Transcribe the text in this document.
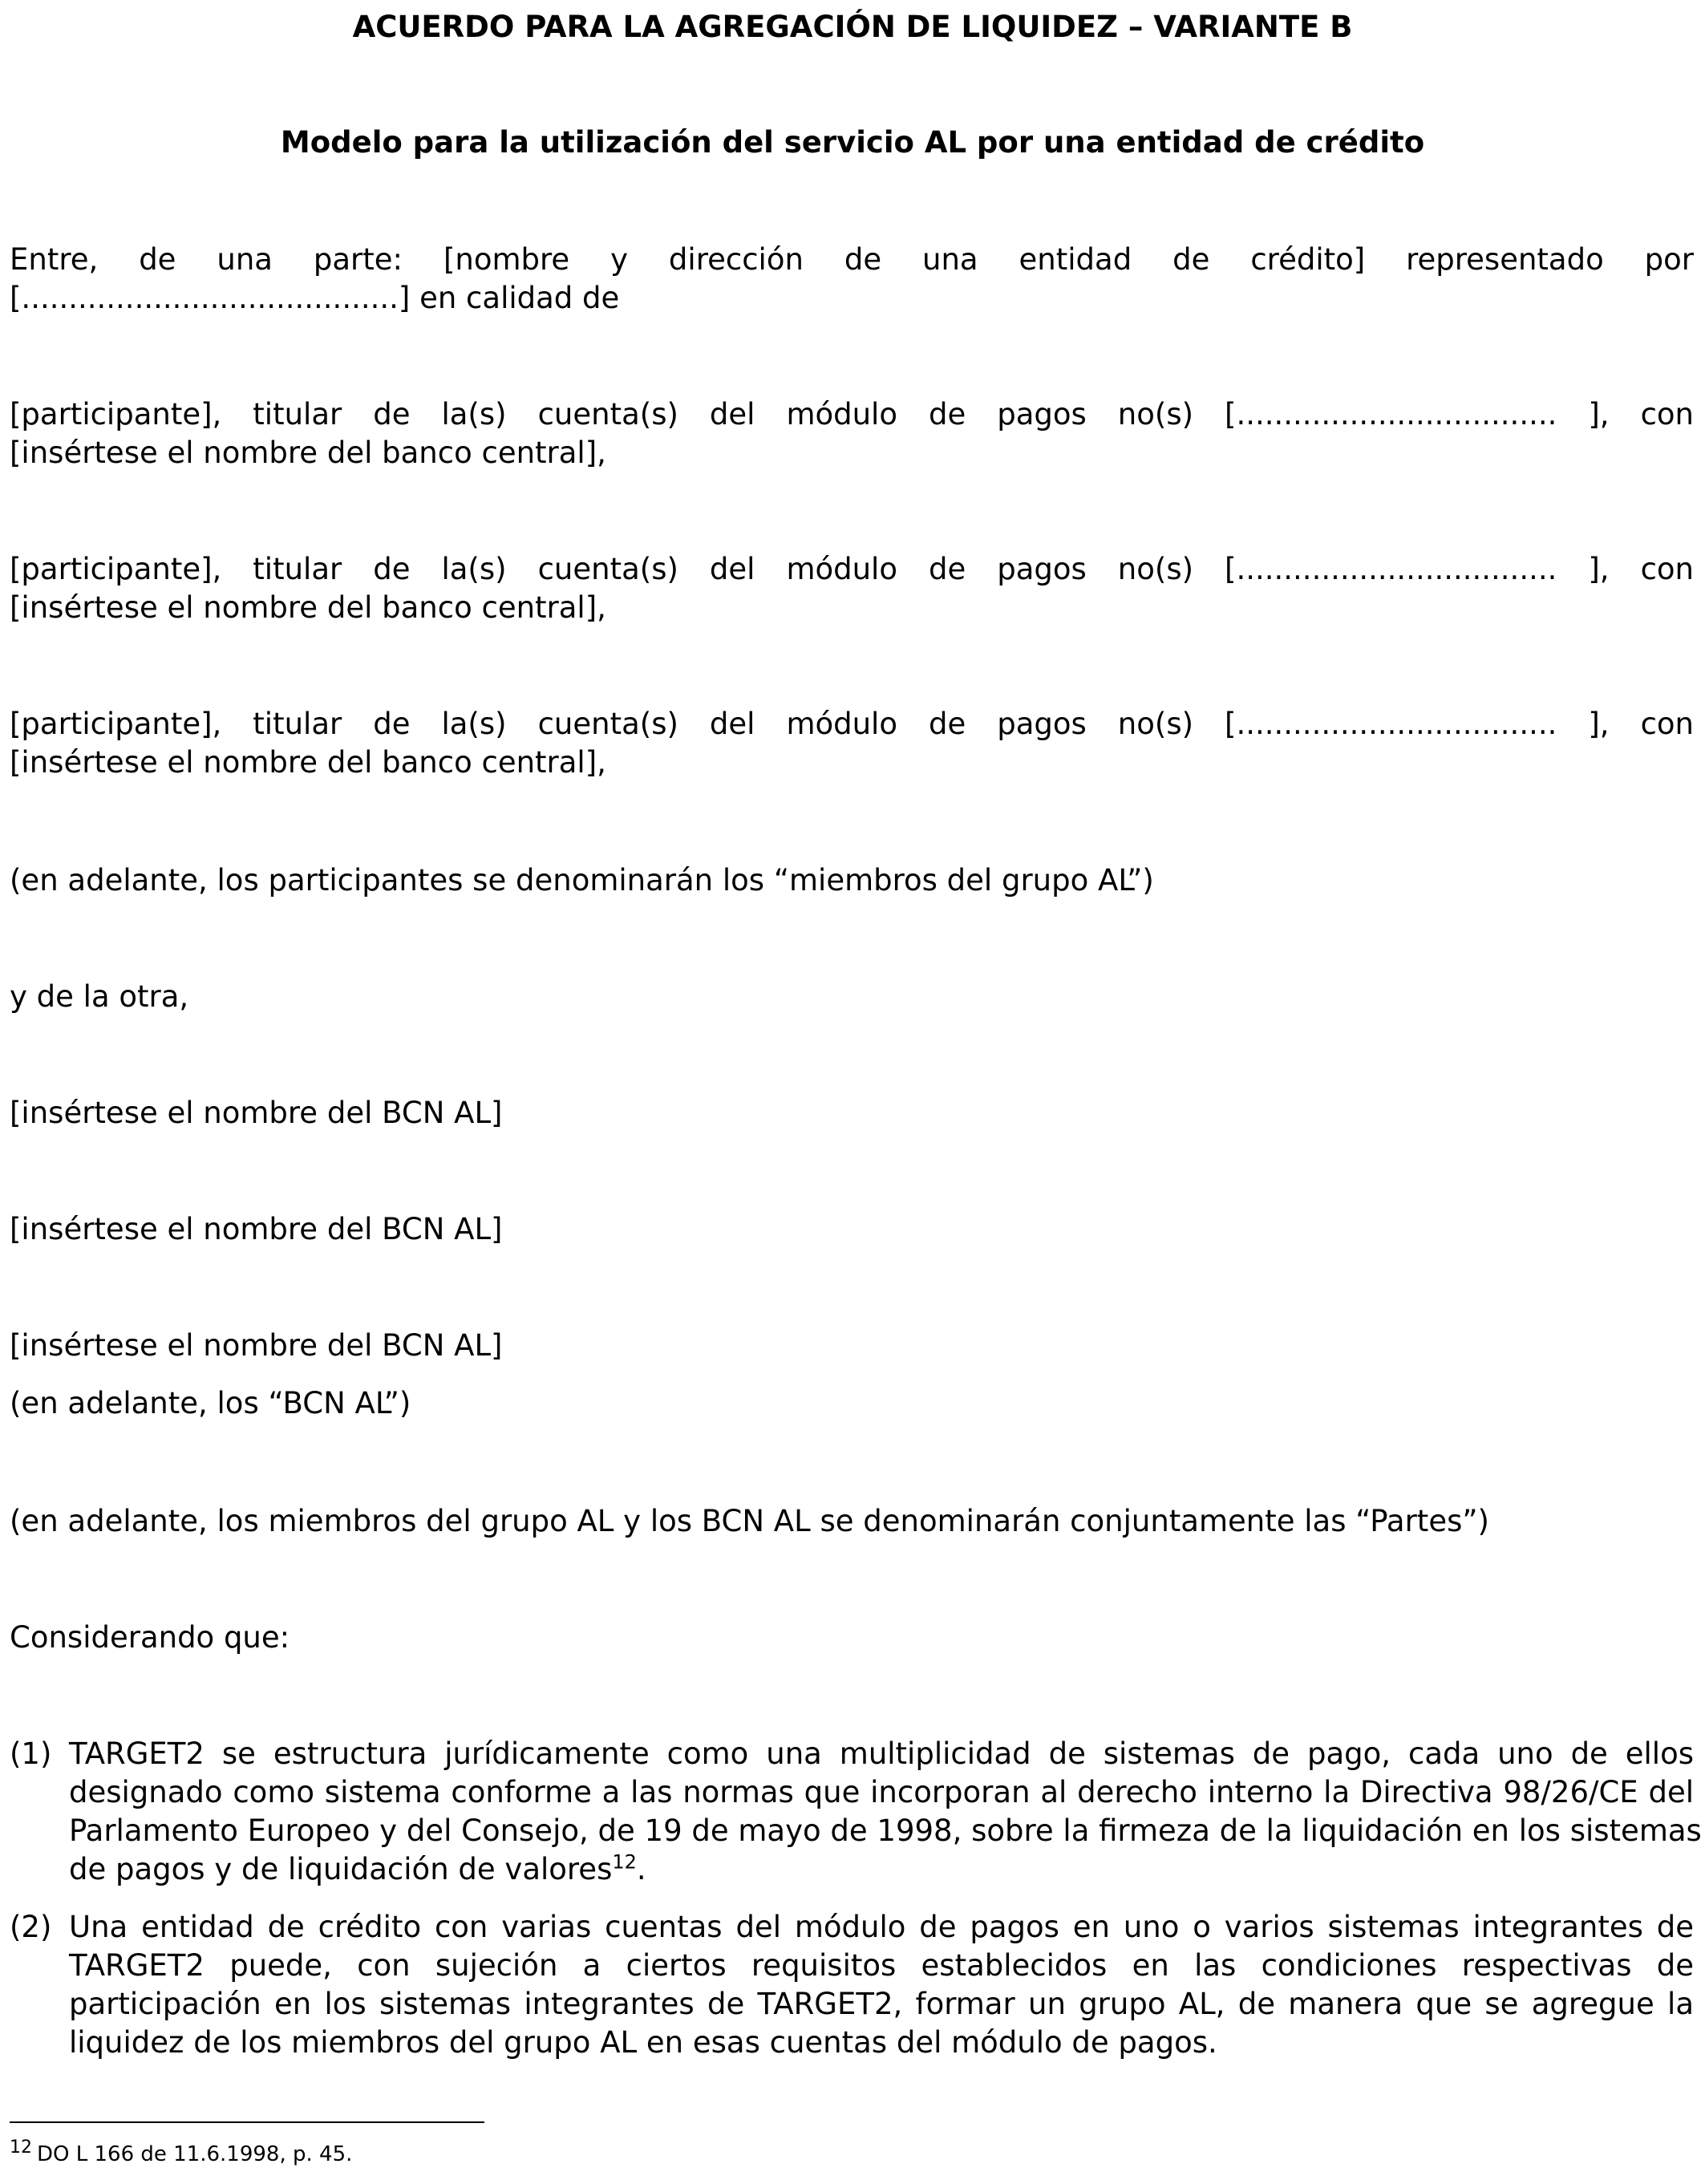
ACUERDO PARA LA AGREGACIÓN DE LIQUIDEZ – VARIANTE B
Modelo para la utilización del servicio AL por una entidad de crédito
Entre, de una parte: [nombre y dirección de una entidad de crédito] representado por
[........................................] en calidad de
[participante], titular de la(s) cuenta(s) del módulo de pagos no(s) [.................................. ], con
[insértese el nombre del banco central],
[participante], titular de la(s) cuenta(s) del módulo de pagos no(s) [.................................. ], con
[insértese el nombre del banco central],
[participante], titular de la(s) cuenta(s) del módulo de pagos no(s) [.................................. ], con
[insértese el nombre del banco central],
(en adelante, los participantes se denominarán los “miembros del grupo AL”)
y de la otra,
[insértese el nombre del BCN AL]
[insértese el nombre del BCN AL]
[insértese el nombre del BCN AL]
(en adelante, los “BCN AL”)
(en adelante, los miembros del grupo AL y los BCN AL se denominarán conjuntamente las “Partes”)
Considerando que:
(1) TARGET2 se estructura jurídicamente como una multiplicidad de sistemas de pago, cada uno de ellos
designado como sistema conforme a las normas que incorporan al derecho interno la Directiva 98/26/CE del
Parlamento Europeo y del Consejo, de 19 de mayo de 1998, sobre la firmeza de la liquidación en los sistemas
de pagos y de liquidación de valores$^{12}$.
(2) Una entidad de crédito con varias cuentas del módulo de pagos en uno o varios sistemas integrantes de
TARGET2 puede, con sujeción a ciertos requisitos establecidos en las condiciones respectivas de
participación en los sistemas integrantes de TARGET2, formar un grupo AL, de manera que se agregue la
liquidez de los miembros del grupo AL en esas cuentas del módulo de pagos.
$^{12}$ DO L 166 de 11.6.1998, p. 45.
